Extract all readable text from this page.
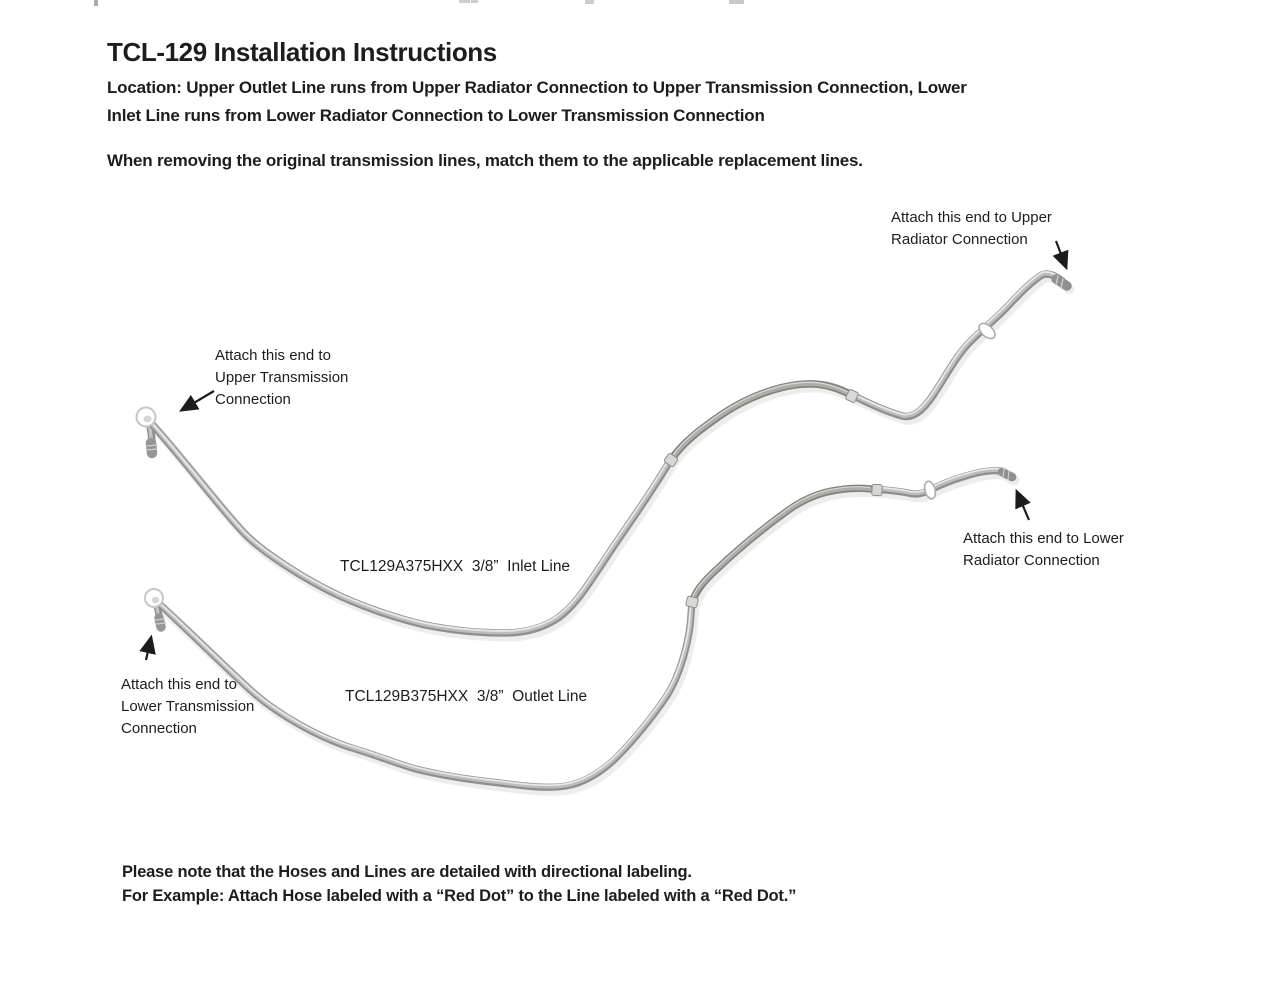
TCL-129 Installation Instructions
Location: Upper Outlet Line runs from Upper Radiator Connection to Upper Transmission Connection, Lower
Inlet Line runs from Lower Radiator Connection to Lower Transmission Connection
When removing the original transmission lines, match them to the applicable replacement lines.
Attach this end to Upper
Radiator Connection
Attach this end to
Upper Transmission
Connection
TCL129A375HXX  3/8”  Inlet Line
TCL129B375HXX  3/8”  Outlet Line
Attach this end to Lower
Radiator Connection
Attach this end to
Lower Transmission
Connection
Please note that the Hoses and Lines are detailed with directional labeling.
For Example: Attach Hose labeled with a “Red Dot” to the Line labeled with a “Red Dot.”
